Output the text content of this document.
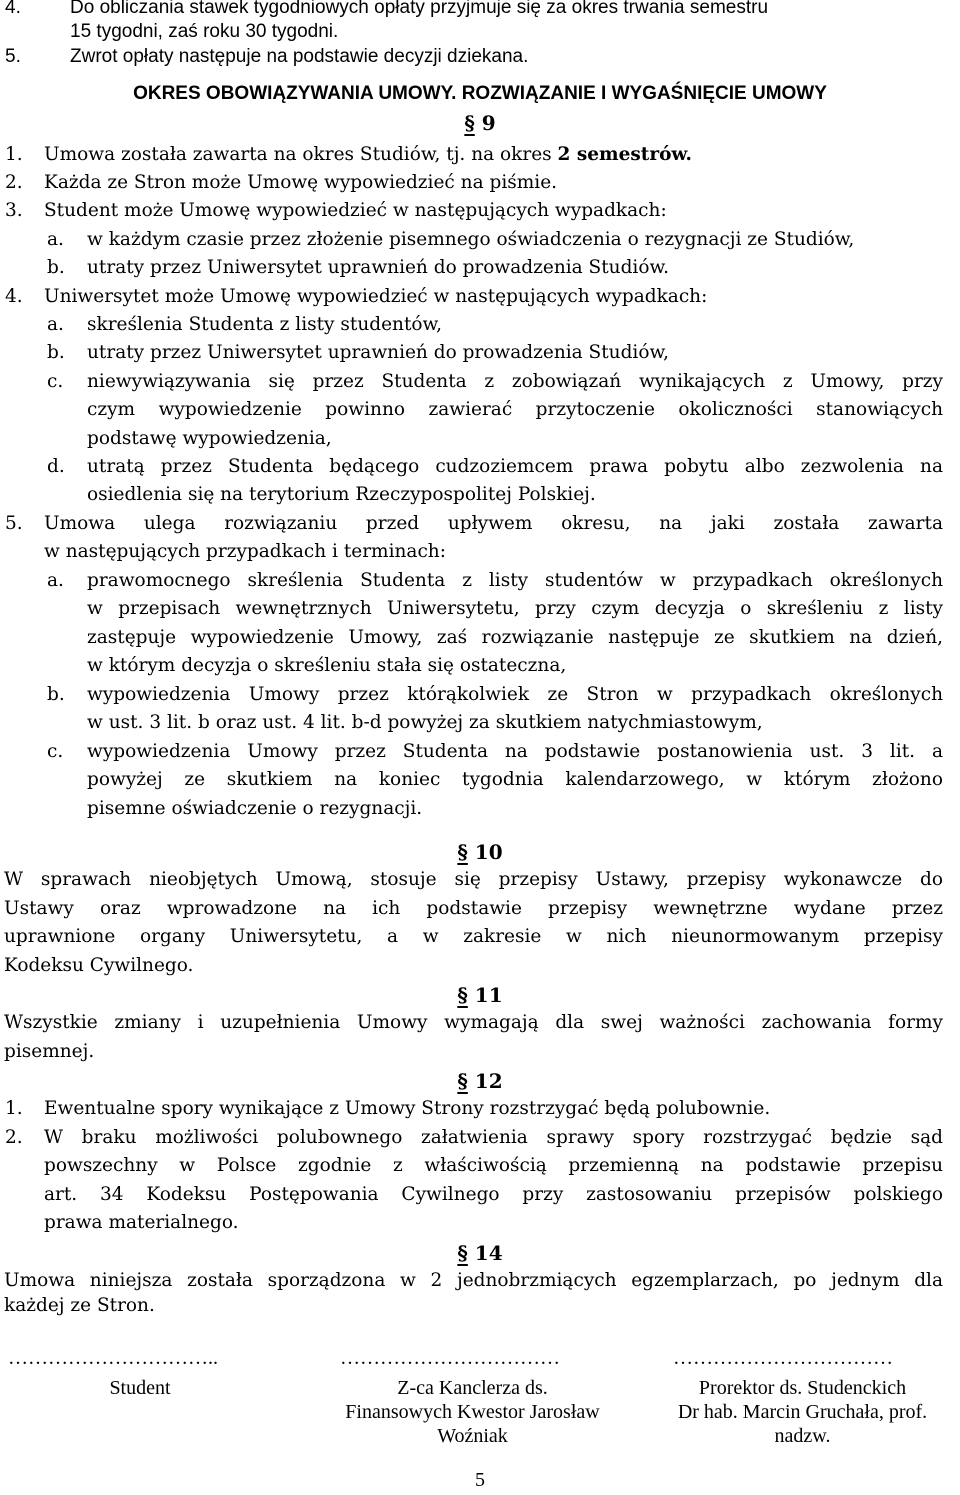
4.	Do obliczania stawek tygodniowych opłaty przyjmuje się za okres trwania semestru
15 tygodni, zaś roku 30 tygodni.
5.	Zwrot opłaty następuje na podstawie decyzji dziekana.
OKRES OBOWIĄZYWANIA UMOWY. ROZWIĄZANIE I WYGAŚNIĘCIE UMOWY
§ 9
1. Umowa została zawarta na okres Studiów, tj. na okres 2 semestrów.
2. Każda ze Stron może Umowę wypowiedzieć na piśmie.
3. Student może Umowę wypowiedzieć w następujących wypadkach:
a. w każdym czasie przez złożenie pisemnego oświadczenia o rezygnacji ze Studiów,
b. utraty przez Uniwersytet uprawnień do prowadzenia Studiów.
4. Uniwersytet może Umowę wypowiedzieć w następujących wypadkach:
a. skreślenia Studenta z listy studentów,
b. utraty przez Uniwersytet uprawnień do prowadzenia Studiów,
c. niewywiązywania się przez Studenta z zobowiązań wynikających z Umowy, przy
czym wypowiedzenie powinno zawierać przytoczenie okoliczności stanowiących
podstawę wypowiedzenia,
d. utratą przez Studenta będącego cudzoziemcem prawa pobytu albo zezwolenia na
osiedlenia się na terytorium Rzeczypospolitej Polskiej.
5. Umowa ulega rozwiązaniu przed upływem okresu, na jaki została zawarta
w następujących przypadkach i terminach:
a. prawomocnego skreślenia Studenta z listy studentów w przypadkach określonych
w przepisach wewnętrznych Uniwersytetu, przy czym decyzja o skreśleniu z listy
zastępuje wypowiedzenie Umowy, zaś rozwiązanie następuje ze skutkiem na dzień,
w którym decyzja o skreśleniu stała się ostateczna,
b. wypowiedzenia Umowy przez którąkolwiek ze Stron w przypadkach określonych
w ust. 3 lit. b oraz ust. 4 lit. b-d powyżej za skutkiem natychmiastowym,
c. wypowiedzenia Umowy przez Studenta na podstawie postanowienia ust. 3 lit. a
powyżej ze skutkiem na koniec tygodnia kalendarzowego, w którym złożono
pisemne oświadczenie o rezygnacji.
§ 10
W sprawach nieobjętych Umową, stosuje się przepisy Ustawy, przepisy wykonawcze do
Ustawy oraz wprowadzone na ich podstawie przepisy wewnętrzne wydane przez
uprawnione organy Uniwersytetu, a w zakresie w nich nieunormowanym przepisy
Kodeksu Cywilnego.
§ 11
Wszystkie zmiany i uzupełnienia Umowy wymagają dla swej ważności zachowania formy
pisemnej.
§ 12
1. Ewentualne spory wynikające z Umowy Strony rozstrzygać będą polubownie.
2. W braku możliwości polubownego załatwienia sprawy spory rozstrzygać będzie sąd
powszechny w Polsce zgodnie z właściwością przemienną na podstawie przepisu
art. 34 Kodeksu Postępowania Cywilnego przy zastosowaniu przepisów polskiego
prawa materialnego.
§ 14
Umowa niniejsza została sporządzona w 2 jednobrzmiących egzemplarzach, po jednym dla
każdej ze Stron.
…………………………..
Student
……………………………
Z-ca Kanclerza ds.
Finansowych Kwestor Jarosław
Woźniak
……………………………
Prorektor ds. Studenckich
Dr hab. Marcin Gruchała, prof.
nadzw.
5
